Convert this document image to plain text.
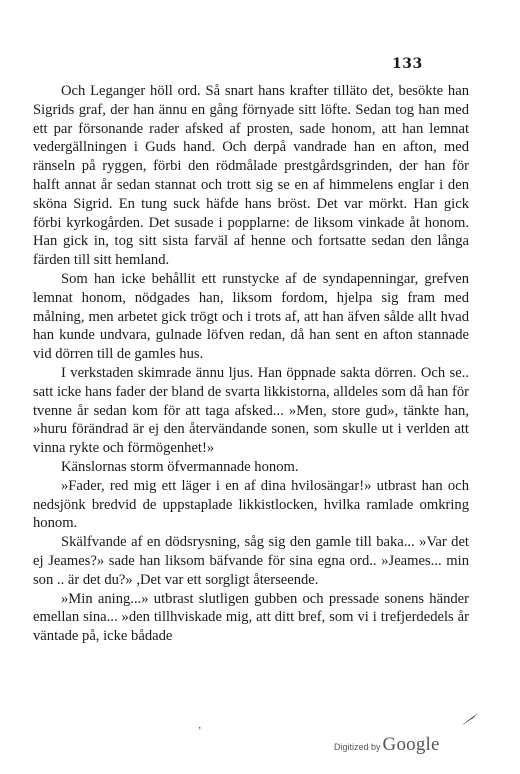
133

Och Leganger höll ord. Så snart hans krafter tilläto det, besökte han Sigrids graf, der han ännu en gång förnyade sitt löfte. Sedan tog han med ett par försonande rader afsked af prosten, sade honom, att han lemnat vedergällningen i Guds hand. Och derpå vandrade han en afton, med ränseln på ryggen, förbi den rödmålade prestgårdsgrinden, der han för halft annat år sedan stannat och trott sig se en af himmelens englar i den sköna Sigrid. En tung suck häfde hans bröst. Det var mörkt. Han gick förbi kyrkogården. Det susade i popplarne: de liksom vinkade åt honom. Han gick in, tog sitt sista farväl af henne och fortsatte sedan den långa färden till sitt hemland.

Som han icke behållit ett runstycke af de syndapenningar, grefven lemnat honom, nödgades han, liksom fordom, hjelpa sig fram med målning, men arbetet gick trögt och i trots af, att han äfven sålde allt hvad han kunde undvara, gulnade löfven redan, då han sent en afton stannade vid dörren till de gamles hus.

I verkstaden skimrade ännu ljus. Han öppnade sakta dörren. Och se.. satt icke hans fader der bland de svarta likkistorna, alldeles som då han för tvenne år sedan kom för att taga afsked... »Men, store gud», tänkte han, »huru förändrad är ej den återvändande sonen, som skulle ut i verlden att vinna rykte och förmögenhet!»

Känslornas storm öfvermannade honom.

»Fader, red mig ett läger i en af dina hvilosängar!» utbrast han och nedsjönk bredvid de uppstaplade likkistlocken, hvilka ramlade omkring honom.

Skälfvande af en dödsrysning, såg sig den gamle till baka... »Var det ej Jeames?» sade han liksom bäfvande för sina egna ord.. »Jeames... min son .. är det du?» ,Det var ett sorgligt återseende.

»Min aning...» utbrast slutligen gubben och pressade sonens händer emellan sina... »den tillhviskade mig, att ditt bref, som vi i trefjerdedels år väntade på, icke bådade

ʼ
Digitized by Google
